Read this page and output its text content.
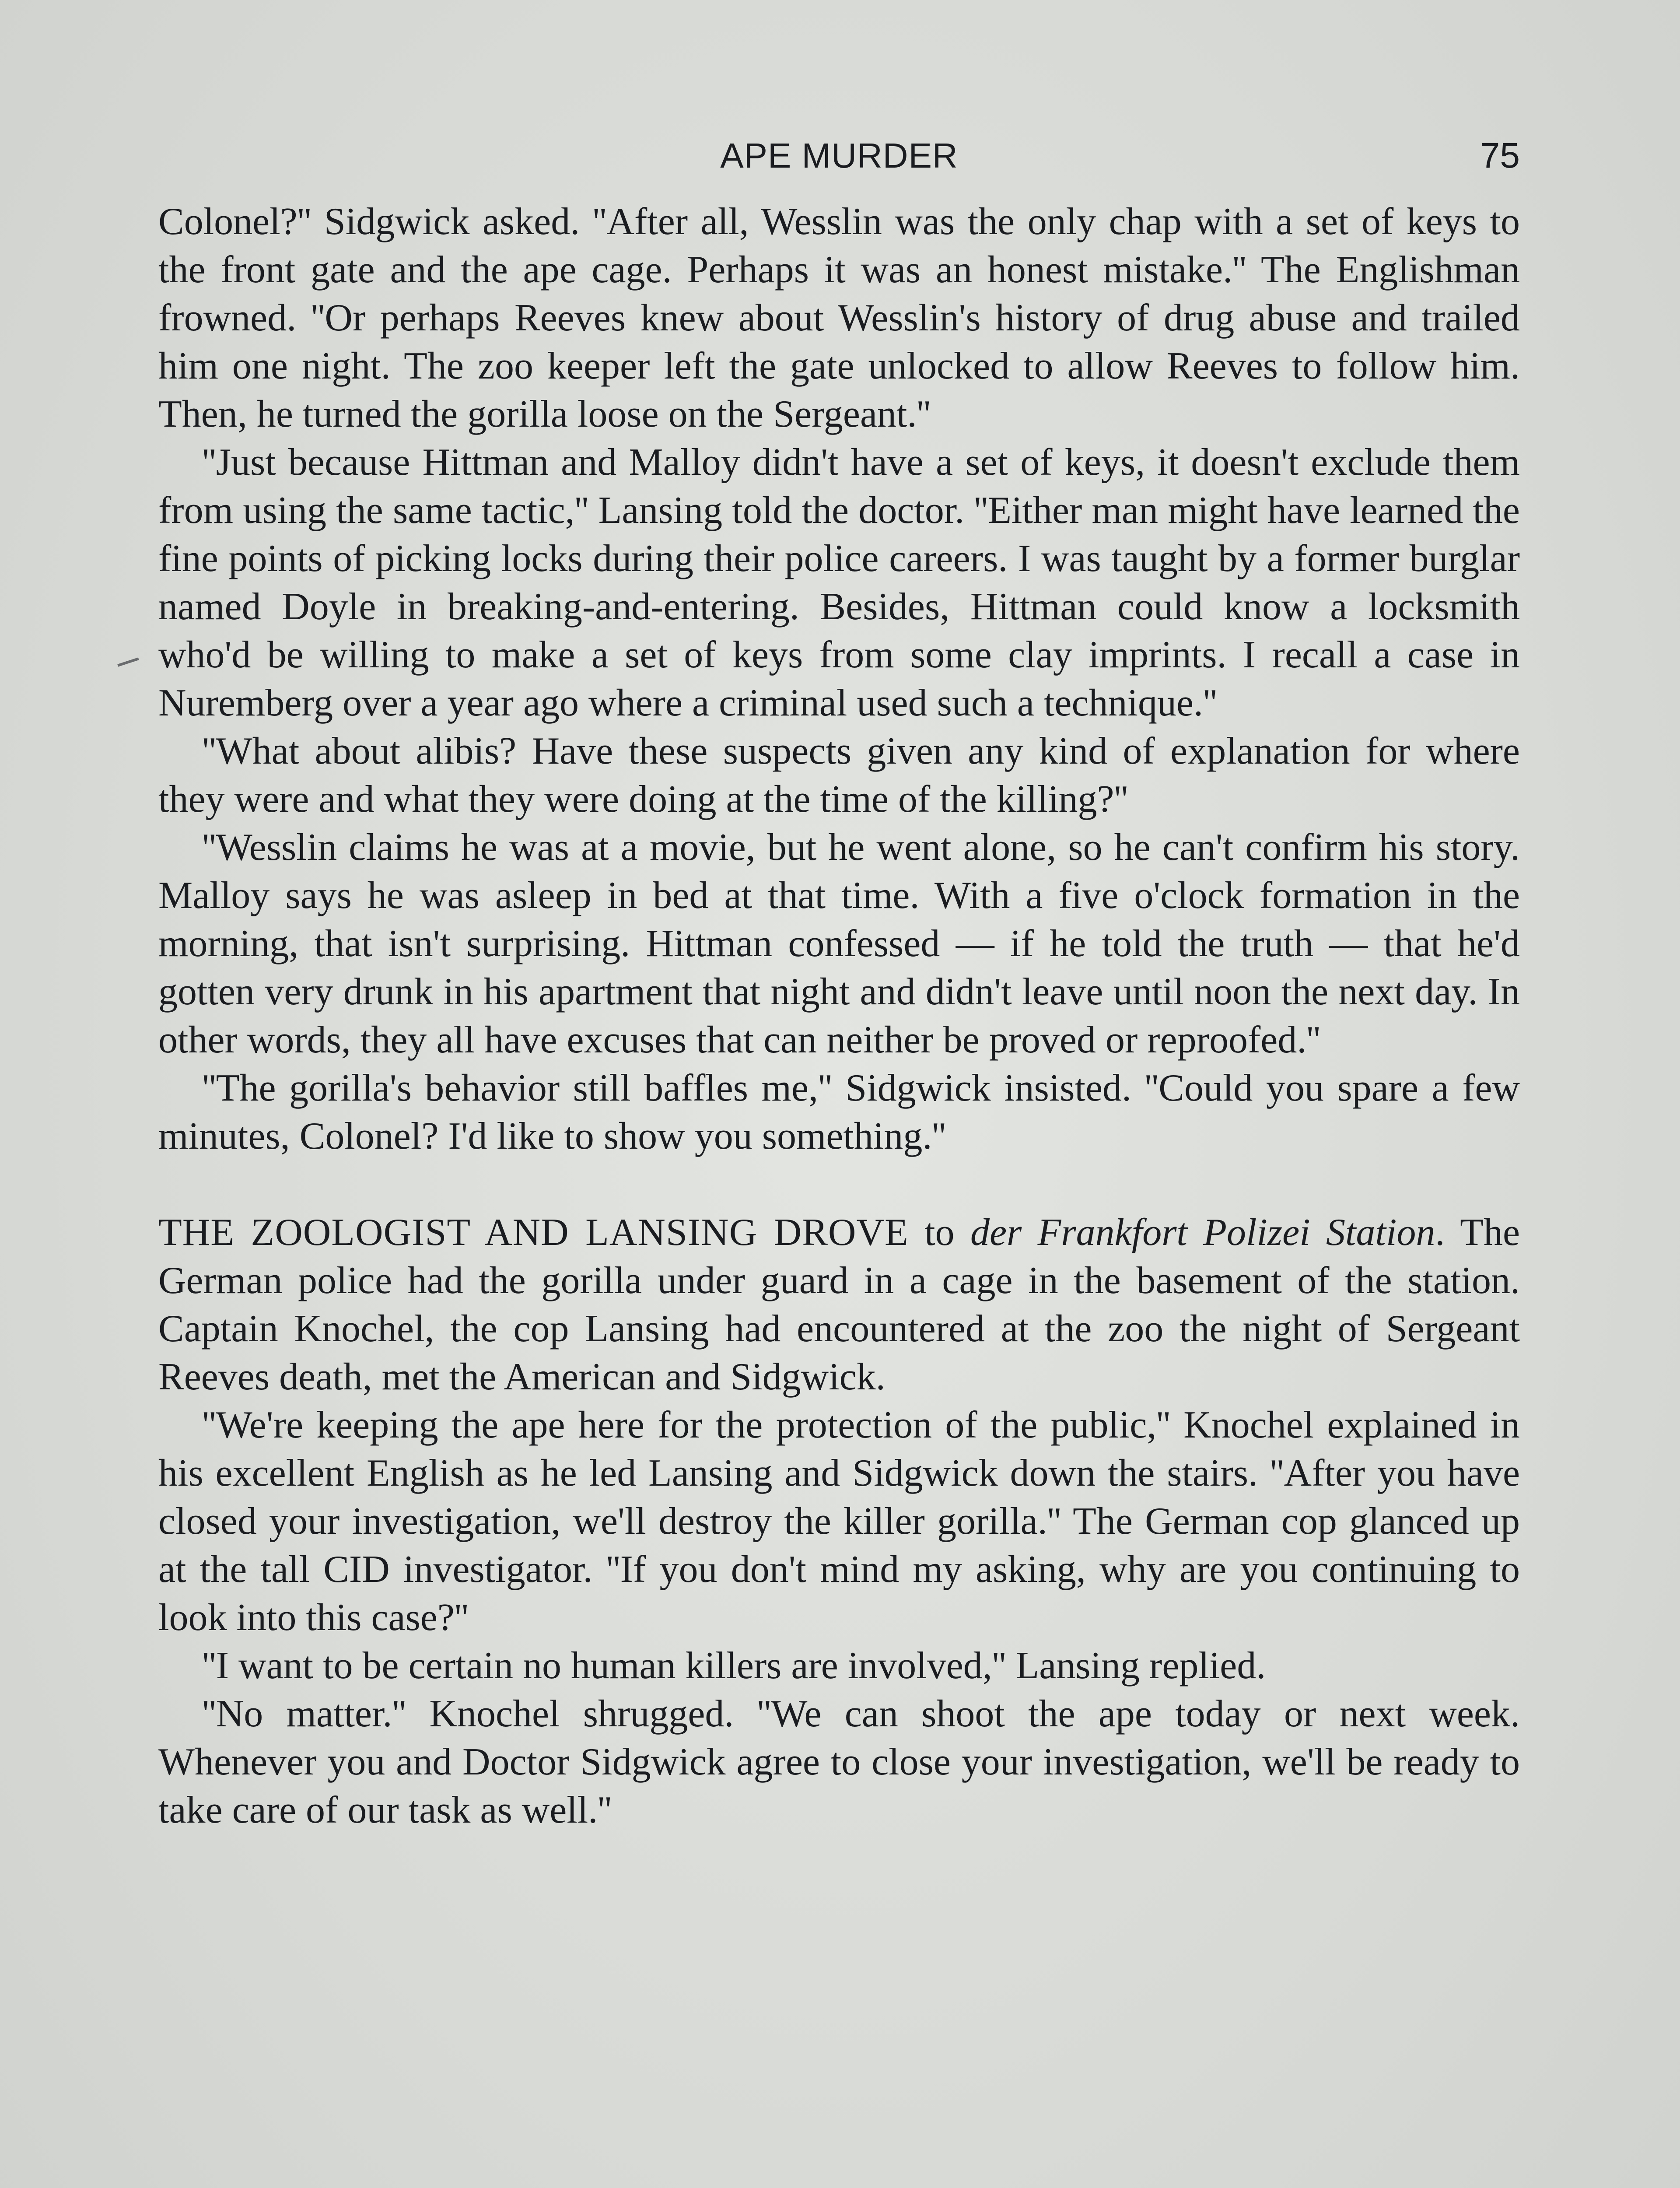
APE MURDER	75

Colonel?'' Sidgwick asked. ''After all, Wesslin was the only chap with a set of keys to the front gate and the ape cage. Perhaps it was an honest mistake.'' The Englishman frowned. ''Or perhaps Reeves knew about Wesslin's history of drug abuse and trailed him one night. The zoo keeper left the gate unlocked to allow Reeves to follow him. Then, he turned the gorilla loose on the Sergeant.''

''Just because Hittman and Malloy didn't have a set of keys, it doesn't exclude them from using the same tactic,'' Lansing told the doctor. ''Either man might have learned the fine points of picking locks during their police careers. I was taught by a former burglar named Doyle in breaking-and-entering. Besides, Hittman could know a locksmith who'd be willing to make a set of keys from some clay imprints. I recall a case in Nuremberg over a year ago where a criminal used such a technique.''

''What about alibis? Have these suspects given any kind of explanation for where they were and what they were doing at the time of the killing?''

''Wesslin claims he was at a movie, but he went alone, so he can't confirm his story. Malloy says he was asleep in bed at that time. With a five o'clock formation in the morning, that isn't surprising. Hittman confessed — if he told the truth — that he'd gotten very drunk in his apartment that night and didn't leave until noon the next day. In other words, they all have excuses that can neither be proved or reproofed.''

''The gorilla's behavior still baffles me,'' Sidgwick insisted. ''Could you spare a few minutes, Colonel? I'd like to show you something.''

THE ZOOLOGIST AND LANSING DROVE to der Frankfort Polizei Station. The German police had the gorilla under guard in a cage in the basement of the station. Captain Knochel, the cop Lansing had encountered at the zoo the night of Sergeant Reeves death, met the American and Sidgwick.

''We're keeping the ape here for the protection of the public,'' Knochel explained in his excellent English as he led Lansing and Sidgwick down the stairs. ''After you have closed your investigation, we'll destroy the killer gorilla.'' The German cop glanced up at the tall CID investigator. ''If you don't mind my asking, why are you continuing to look into this case?''

''I want to be certain no human killers are involved,'' Lansing replied.

''No matter.'' Knochel shrugged. ''We can shoot the ape today or next week. Whenever you and Doctor Sidgwick agree to close your investigation, we'll be ready to take care of our task as well.''
